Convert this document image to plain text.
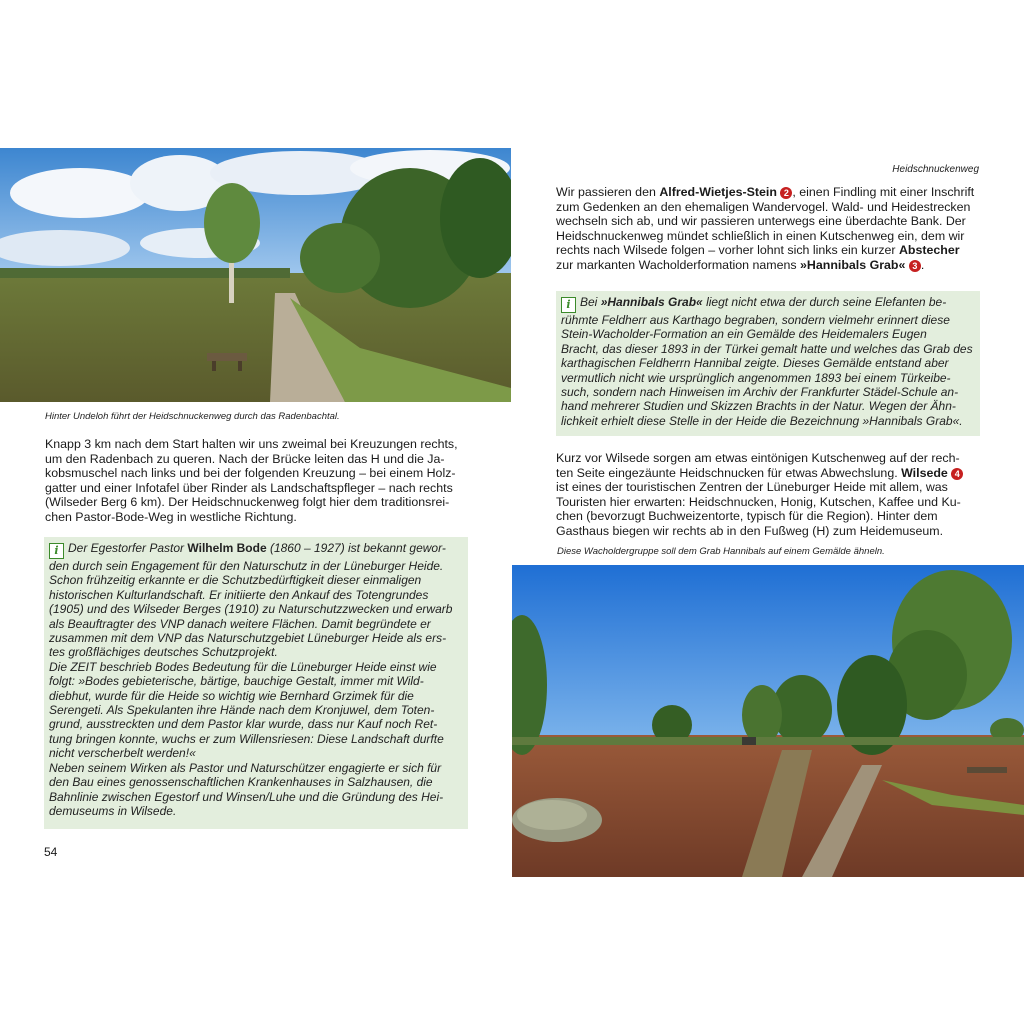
Hinter Undeloh führt der Heidschnuckenweg durch das Radenbachtal.

Knapp 3 km nach dem Start halten wir uns zweimal bei Kreuzungen rechts,

um den Radenbach zu queren. Nach der Brücke leiten das H und die Ja-

kobsmuschel nach links und bei der folgenden Kreuzung – bei einem Holz-

gatter und einer Infotafel über Rinder als Landschaftspfleger – nach rechts

(Wilseder Berg 6 km). Der Heidschnuckenweg folgt hier dem traditionsrei-

chen Pastor-Bode-Weg in westliche Richtung.

i Der Egestorfer Pastor Wilhelm Bode (1860 – 1927) ist bekannt gewor-

den durch sein Engagement für den Naturschutz in der Lüneburger Heide.

Schon frühzeitig erkannte er die Schutzbedürftigkeit dieser einmaligen

historischen Kulturlandschaft. Er initiierte den Ankauf des Totengrundes

(1905) und des Wilseder Berges (1910) zu Naturschutzzwecken und erwarb

als Beauftragter des VNP danach weitere Flächen. Damit begründete er

zusammen mit dem VNP das Naturschutzgebiet Lüneburger Heide als ers-

tes großflächiges deutsches Schutzprojekt.

Die ZEIT beschrieb Bodes Bedeutung für die Lüneburger Heide einst wie

folgt: »Bodes gebieterische, bärtige, bauchige Gestalt, immer mit Wild-

diebhut, wurde für die Heide so wichtig wie Bernhard Grzimek für die

Serengeti. Als Spekulanten ihre Hände nach dem Kronjuwel, dem Toten-

grund, ausstreckten und dem Pastor klar wurde, dass nur Kauf noch Ret-

tung bringen konnte, wuchs er zum Willensriesen: Diese Landschaft durfte

nicht verscherbelt werden!«

Neben seinem Wirken als Pastor und Naturschützer engagierte er sich für

den Bau eines genossenschaftlichen Krankenhauses in Salzhausen, die

Bahnlinie zwischen Egestorf und Winsen/Luhe und die Gründung des Hei-

demuseums in Wilsede.

54
Heidschnuckenweg

Wir passieren den Alfred-Wietjes-Stein 2 , einen Findling mit einer Inschrift

zum Gedenken an den ehemaligen Wandervogel. Wald- und Heidestrecken

wechseln sich ab, und wir passieren unterwegs eine überdachte Bank. Der

Heidschnuckenweg mündet schließlich in einen Kutschenweg ein, dem wir

rechts nach Wilsede folgen – vorher lohnt sich links ein kurzer Abstecher

zur markanten Wacholderformation namens »Hannibals Grab« 3 .

i Bei »Hannibals Grab« liegt nicht etwa der durch seine Elefanten be-

rühmte Feldherr aus Karthago begraben, sondern vielmehr erinnert diese

Stein-Wacholder-Formation an ein Gemälde des Heidemalers Eugen

Bracht, das dieser 1893 in der Türkei gemalt hatte und welches das Grab des

karthagischen Feldherrn Hannibal zeigte. Dieses Gemälde entstand aber

vermutlich nicht wie ursprünglich angenommen 1893 bei einem Türkeibe-

such, sondern nach Hinweisen im Archiv der Frankfurter Städel-Schule an-

hand mehrerer Studien und Skizzen Brachts in der Natur. Wegen der Ähn-

lichkeit erhielt diese Stelle in der Heide die Bezeichnung »Hannibals Grab«.

Kurz vor Wilsede sorgen am etwas eintönigen Kutschenweg auf der rech-

ten Seite eingezäunte Heidschnucken für etwas Abwechslung. Wilsede 4

ist eines der touristischen Zentren der Lüneburger Heide mit allem, was

Touristen hier erwarten: Heidschnucken, Honig, Kutschen, Kaffee und Ku-

chen (bevorzugt Buchweizentorte, typisch für die Region). Hinter dem

Gasthaus biegen wir rechts ab in den Fußweg (H) zum Heidemuseum.

Diese Wacholdergruppe soll dem Grab Hannibals auf einem Gemälde ähneln.
